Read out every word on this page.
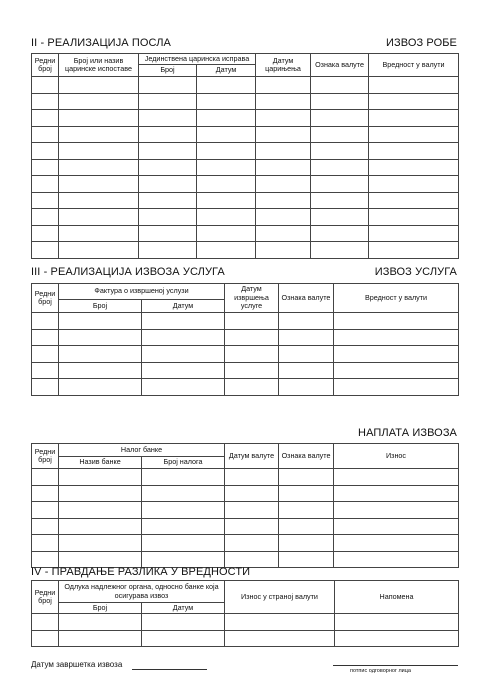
II - РЕАЛИЗАЦИЈА ПОСЛА	ИЗВОЗ РОБЕ
Редни број	Број или назив царинске испоставе	Јединствена царинска исправа		Датум царињења	Ознака валуте	Вредност у валути
		Број	Датум			

III - РЕАЛИЗАЦИЈА ИЗВОЗА УСЛУГА	ИЗВОЗ УСЛУГА
Редни број	Фактура о извршеној услузи		Датум извршења услуге	Ознака валуте	Вредност у валути
	Број	Датум			

НАПЛАТА ИЗВОЗА
Редни број	Налог банке		Датум валуте	Ознака валуте	Износ
	Назив банке	Број налога			

IV - ПРАВДАЊЕ РАЗЛИКА У ВРЕДНОСТИ
Редни број	Одлука надлежног органа, односно банке која осигурава извоз		Износ у страној валути	Напомена
	Број	Датум		

Датум завршетка извоза
потпис одговорног лица
